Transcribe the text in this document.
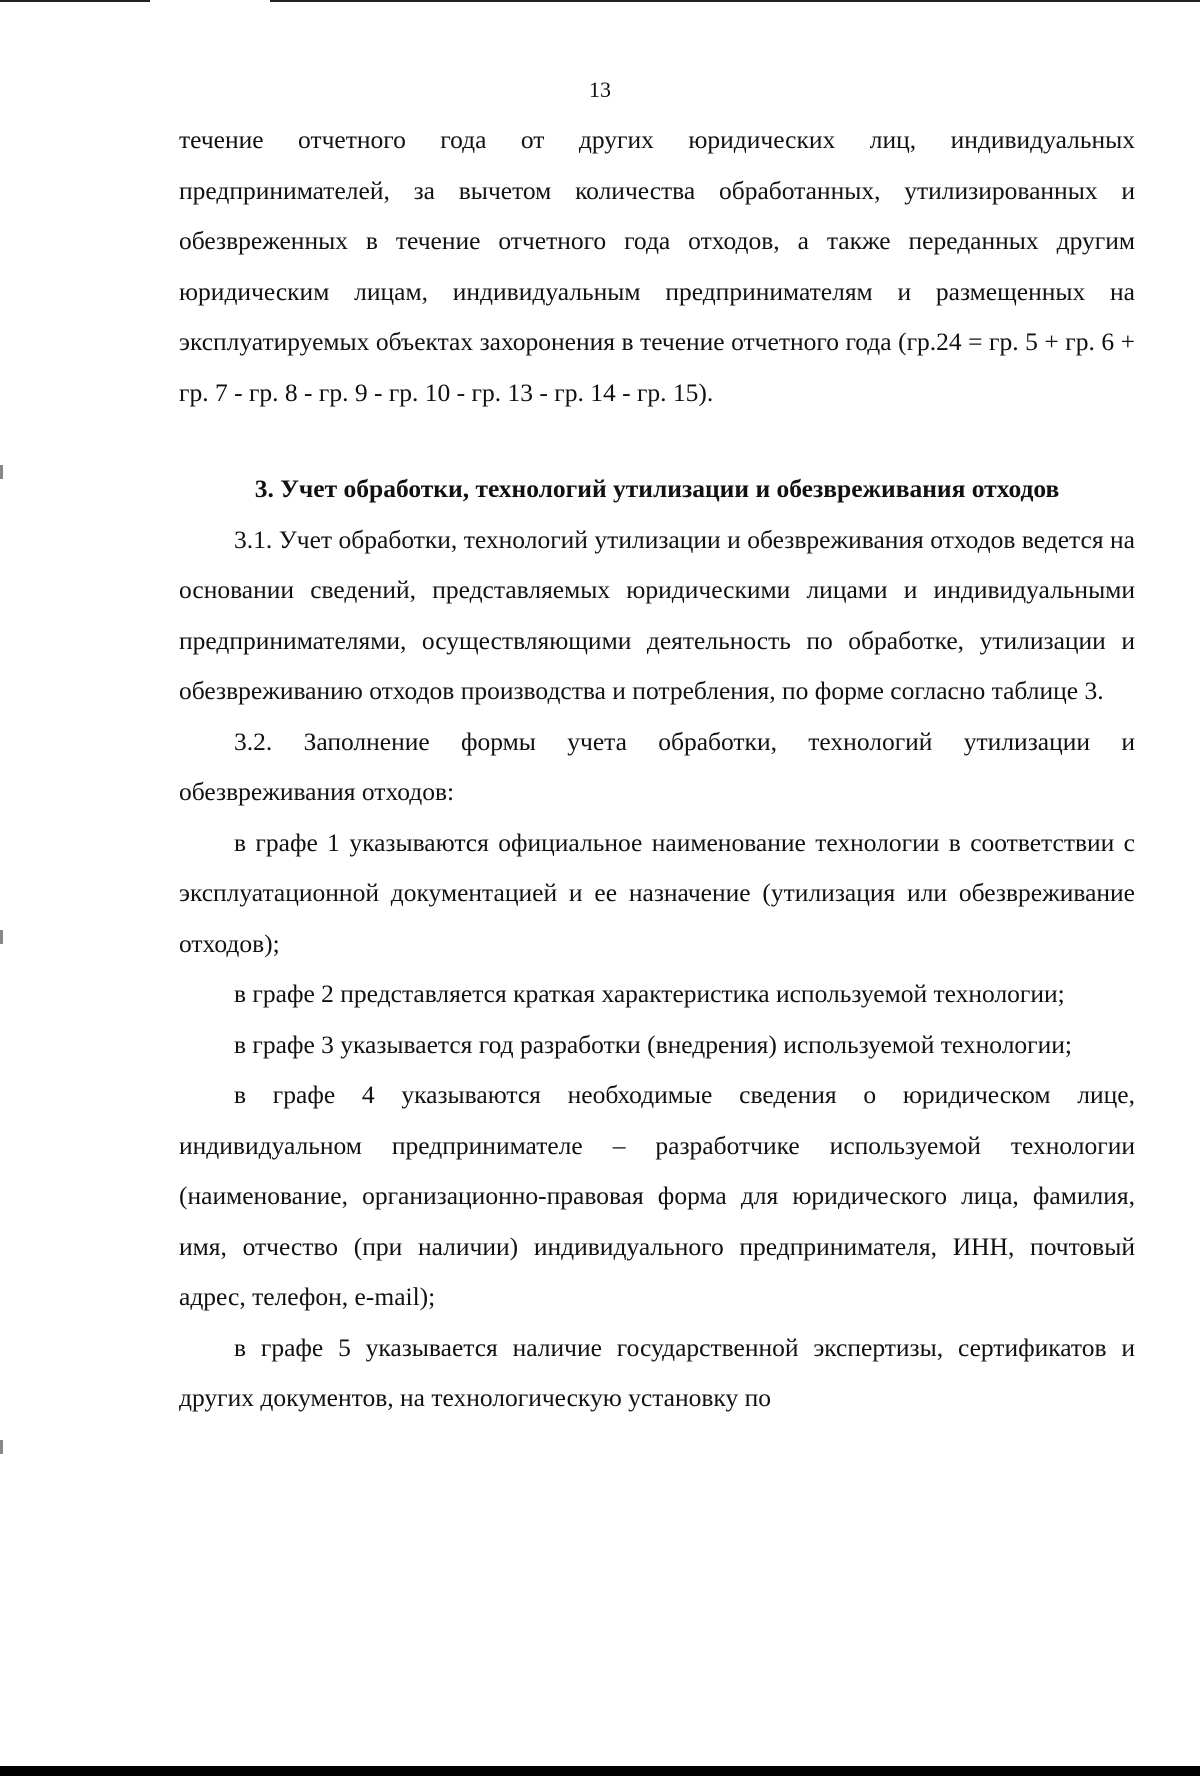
13

течение отчетного года от других юридических лиц, индивидуальных предпринимателей, за вычетом количества обработанных, утилизированных и обезвреженных в течение отчетного года отходов, а также переданных другим юридическим лицам, индивидуальным предпринимателям и размещенных на эксплуатируемых объектах захоронения в течение отчетного года (гр.24 = гр. 5 + гр. 6 + гр. 7 - гр. 8 - гр. 9 - гр. 10 - гр. 13 - гр. 14 - гр. 15).

3. Учет обработки, технологий утилизации и обезвреживания отходов

3.1. Учет обработки, технологий утилизации и обезвреживания отходов ведется на основании сведений, представляемых юридическими лицами и индивидуальными предпринимателями, осуществляющими деятельность по обработке, утилизации и обезвреживанию отходов производства и потребления, по форме согласно таблице 3.

3.2. Заполнение формы учета обработки, технологий утилизации и обезвреживания отходов:

в графе 1 указываются официальное наименование технологии в соответствии с эксплуатационной документацией и ее назначение (утилизация или обезвреживание отходов);

в графе 2 представляется краткая характеристика используемой технологии;

в графе 3 указывается год разработки (внедрения) используемой технологии;

в графе 4 указываются необходимые сведения о юридическом лице, индивидуальном предпринимателе – разработчике используемой технологии (наименование, организационно-правовая форма для юридического лица, фамилия, имя, отчество (при наличии) индивидуального предпринимателя, ИНН, почтовый адрес, телефон, e-mail);

в графе 5 указывается наличие государственной экспертизы, сертификатов и других документов, на технологическую установку по
